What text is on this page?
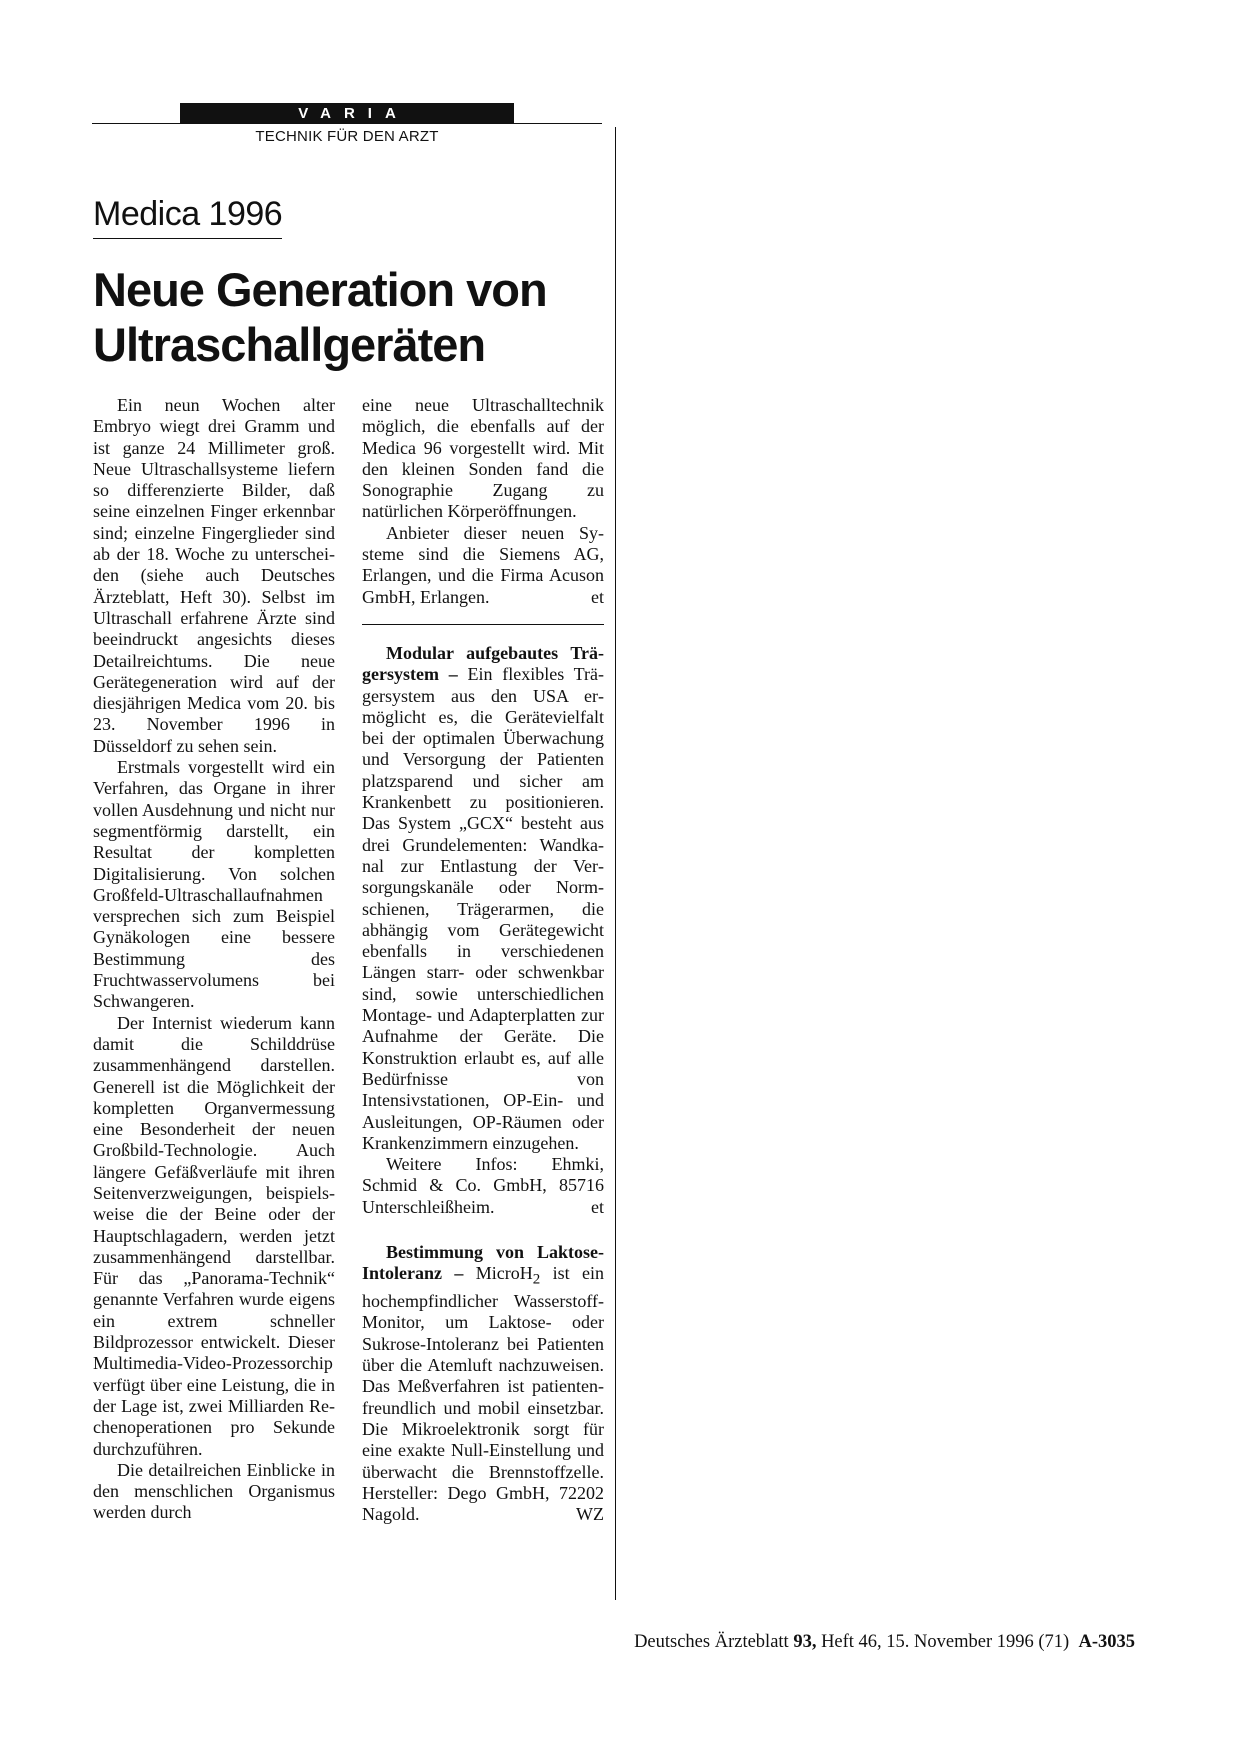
VARIA
TECHNIK FÜR DEN ARZT
Medica 1996
Neue Generation von Ultraschallgeräten

Ein neun Wochen alter Embryo wiegt drei Gramm und ist ganze 24 Millimeter groß. Neue Ultraschallsysteme liefern so differenzierte Bilder, daß seine einzelnen Finger erkennbar sind; einzelne Fingerglieder sind ab der 18. Woche zu unterscheiden (siehe auch Deutsches Ärzteblatt, Heft 30). Selbst im Ultraschall erfahrene Ärzte sind beeindruckt angesichts dieses Detailreichtums. Die neue Gerätegeneration wird auf der diesjährigen Medica vom 20. bis 23. November 1996 in Düsseldorf zu sehen sein.

Erstmals vorgestellt wird ein Verfahren, das Organe in ihrer vollen Ausdehnung und nicht nur segmentförmig darstellt, ein Resultat der kompletten Digitalisierung. Von solchen Großfeld-Ultraschallaufnahmen versprechen sich zum Beispiel Gynäkologen eine bessere Bestimmung des Fruchtwasservolumens bei Schwangeren.

Der Internist wiederum kann damit die Schilddrüse zusammenhängend darstellen. Generell ist die Möglichkeit der kompletten Organvermessung eine Besonderheit der neuen Großbild-Technologie. Auch längere Gefäßverläufe mit ihren Seitenverzweigungen, beispielsweise die der Beine oder der Hauptschlagadern, werden jetzt zusammenhängend darstellbar. Für das „Panorama-Technik“ genannte Verfahren wurde eigens ein extrem schneller Bildprozessor entwickelt. Dieser Multimedia-Video-Prozessorchip verfügt über eine Leistung, die in der Lage ist, zwei Milliarden Rechenoperationen pro Sekunde durchzuführen.

Die detailreichen Einblicke in den menschlichen Organismus werden durch

eine neue Ultraschalltechnik möglich, die ebenfalls auf der Medica 96 vorgestellt wird. Mit den kleinen Sonden fand die Sonographie Zugang zu natürlichen Körperöffnungen.

Anbieter dieser neuen Systeme sind die Siemens AG, Erlangen, und die Firma Acuson GmbH, Erlangen.	et

Modular aufgebautes Trägersystem – Ein flexibles Trägersystem aus den USA ermöglicht es, die Gerätevielfalt bei der optimalen Überwachung und Versorgung der Patienten platzsparend und sicher am Krankenbett zu positionieren. Das System „GCX“ besteht aus drei Grundelementen: Wandkanal zur Entlastung der Versorgungskanäle oder Normschienen, Trägerarmen, die abhängig vom Gerätegewicht ebenfalls in verschiedenen Längen starr- oder schwenkbar sind, sowie unterschiedlichen Montage- und Adapterplatten zur Aufnahme der Geräte. Die Konstruktion erlaubt es, auf alle Bedürfnisse von Intensivstationen, OP-Ein- und Ausleitungen, OP-Räumen oder Krankenzimmern einzugehen.

Weitere Infos: Ehmki, Schmid & Co. GmbH, 85716 Unterschleißheim.	et

Bestimmung von Laktose-Intoleranz – MicroH$_2$ ist ein hochempfindlicher Wasserstoff-Monitor, um Laktose- oder Sukrose-Intoleranz bei Patienten über die Atemluft nachzuweisen. Das Meßverfahren ist patientenfreundlich und mobil einsetzbar. Die Mikroelektronik sorgt für eine exakte Null-Einstellung und überwacht die Brennstoffzelle. Hersteller: Dego GmbH, 72202 Nagold.	WZ

Deutsches Ärzteblatt 93, Heft 46, 15. November 1996 (71) A-3035
